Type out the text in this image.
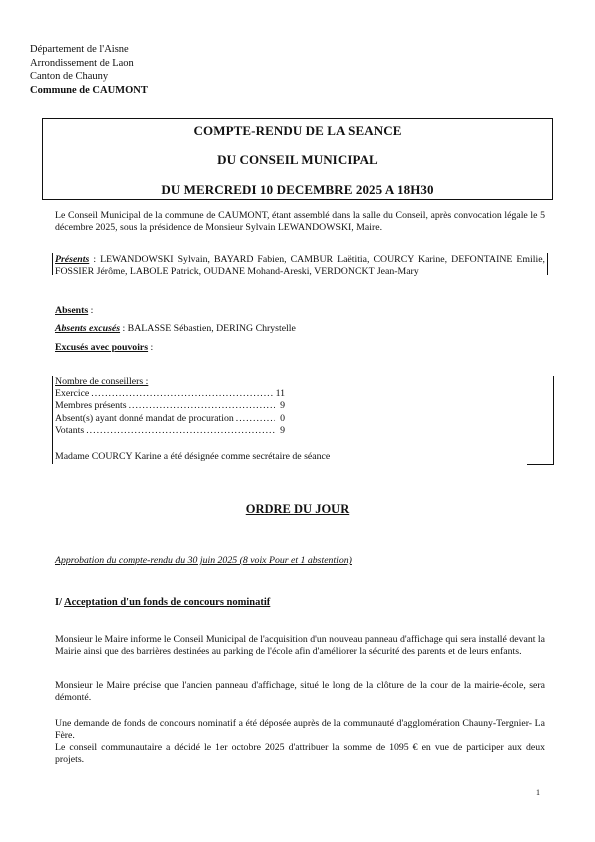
Département de l'Aisne
Arrondissement de Laon
Canton de Chauny
Commune de CAUMONT
COMPTE-RENDU DE LA SEANCE
DU CONSEIL MUNICIPAL
DU MERCREDI 10 DECEMBRE 2025 A 18H30
Le Conseil Municipal de la commune de CAUMONT, étant assemblé dans la salle du Conseil, après convocation légale le 5 décembre 2025, sous la présidence de Monsieur Sylvain LEWANDOWSKI, Maire.
Présents : LEWANDOWSKI Sylvain, BAYARD Fabien, CAMBUR Laëtitia, COURCY Karine, DEFONTAINE Emilie, FOSSIER Jérôme, LABOLE Patrick, OUDANE Mohand-Areski, VERDONCKT Jean-Mary
Absents :
Absents excusés : BALASSE Sébastien, DERING Chrystelle
Excusés avec pouvoirs :
Nombre de conseillers :
Exercice .....	11
Membres présents .....	9
Absent(s) ayant donné mandat de procuration .....	0
Votants .....	9
Madame COURCY Karine a été désignée comme secrétaire de séance
ORDRE DU JOUR
Approbation du compte-rendu du 30 juin 2025 (8 voix Pour et 1 abstention)
I/ Acceptation d'un fonds de concours nominatif
Monsieur le Maire informe le Conseil Municipal de l'acquisition d'un nouveau panneau d'affichage qui sera installé devant la Mairie ainsi que des barrières destinées au parking de l'école afin d'améliorer la sécurité des parents et de leurs enfants.
Monsieur le Maire précise que l'ancien panneau d'affichage, situé le long de la clôture de la cour de la mairie-école, sera démonté.
Une demande de fonds de concours nominatif a été déposée auprès de la communauté d'agglomération Chauny-Tergnier- La Fère.
Le conseil communautaire a décidé le 1er octobre 2025 d'attribuer la somme de 1095 € en vue de participer aux deux projets.
1
